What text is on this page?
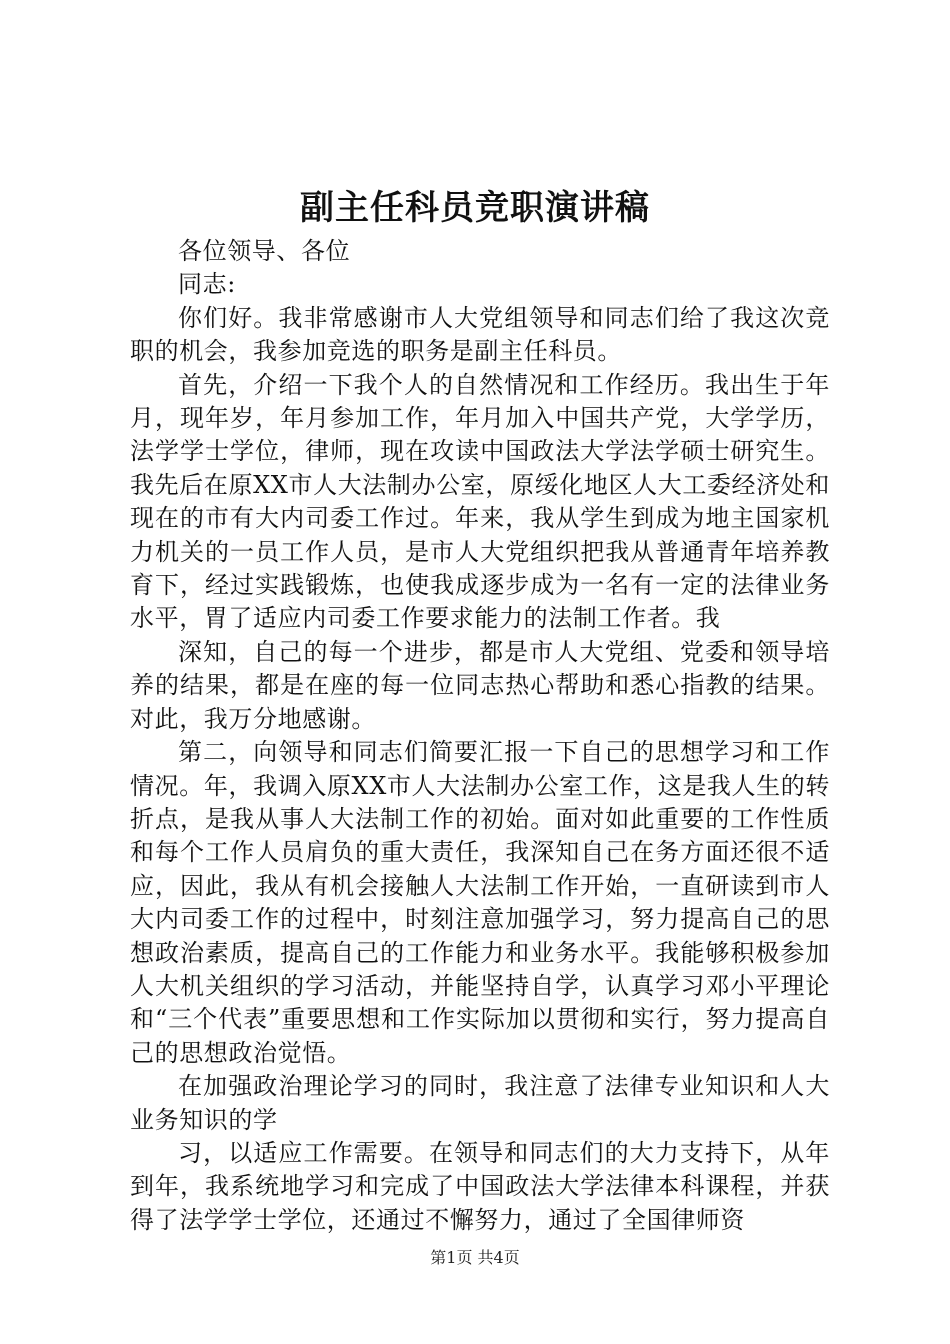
副主任科员竞职演讲稿

各位领导、各位

同志:

你们好。我非常感谢市人大党组领导和同志们给了我这次竞职的机会，我参加竞选的职务是副主任科员。

首先，介绍一下我个人的自然情况和工作经历。我出生于年月，现年岁，年月参加工作，年月加入中国共产党，大学学历，法学学士学位，律师，现在攻读中国政法大学法学硕士研究生。我先后在原XX市人大法制办公室，原绥化地区人大工委经济处和现在的市有大内司委工作过。年来，我从学生到成为地主国家机力机关的一员工作人员，是市人大党组织把我从普通青年培养教育下，经过实践锻炼，也使我成逐步成为一名有一定的法律业务水平，胃了适应内司委工作要求能力的法制工作者。我

深知，自己的每一个进步，都是市人大党组、党委和领导培养的结果，都是在座的每一位同志热心帮助和悉心指教的结果。对此，我万分地感谢。

第二，向领导和同志们简要汇报一下自己的思想学习和工作情况。年，我调入原XX市人大法制办公室工作，这是我人生的转折点，是我从事人大法制工作的初始。面对如此重要的工作性质和每个工作人员肩负的重大责任，我深知自己在务方面还很不适应，因此，我从有机会接触人大法制工作开始，一直研读到市人大内司委工作的过程中，时刻注意加强学习，努力提高自己的思想政治素质，提高自己的工作能力和业务水平。我能够积极参加人大机关组织的学习活动，并能坚持自学，认真学习邓小平理论和“三个代表”重要思想和工作实际加以贯彻和实行，努力提高自己的思想政治觉悟。

在加强政治理论学习的同时，我注意了法律专业知识和人大业务知识的学

习，以适应工作需要。在领导和同志们的大力支持下，从年到年，我系统地学习和完成了中国政法大学法律本科课程，并获得了法学学士学位，还通过不懈努力，通过了全国律师资

第1页 共4页
